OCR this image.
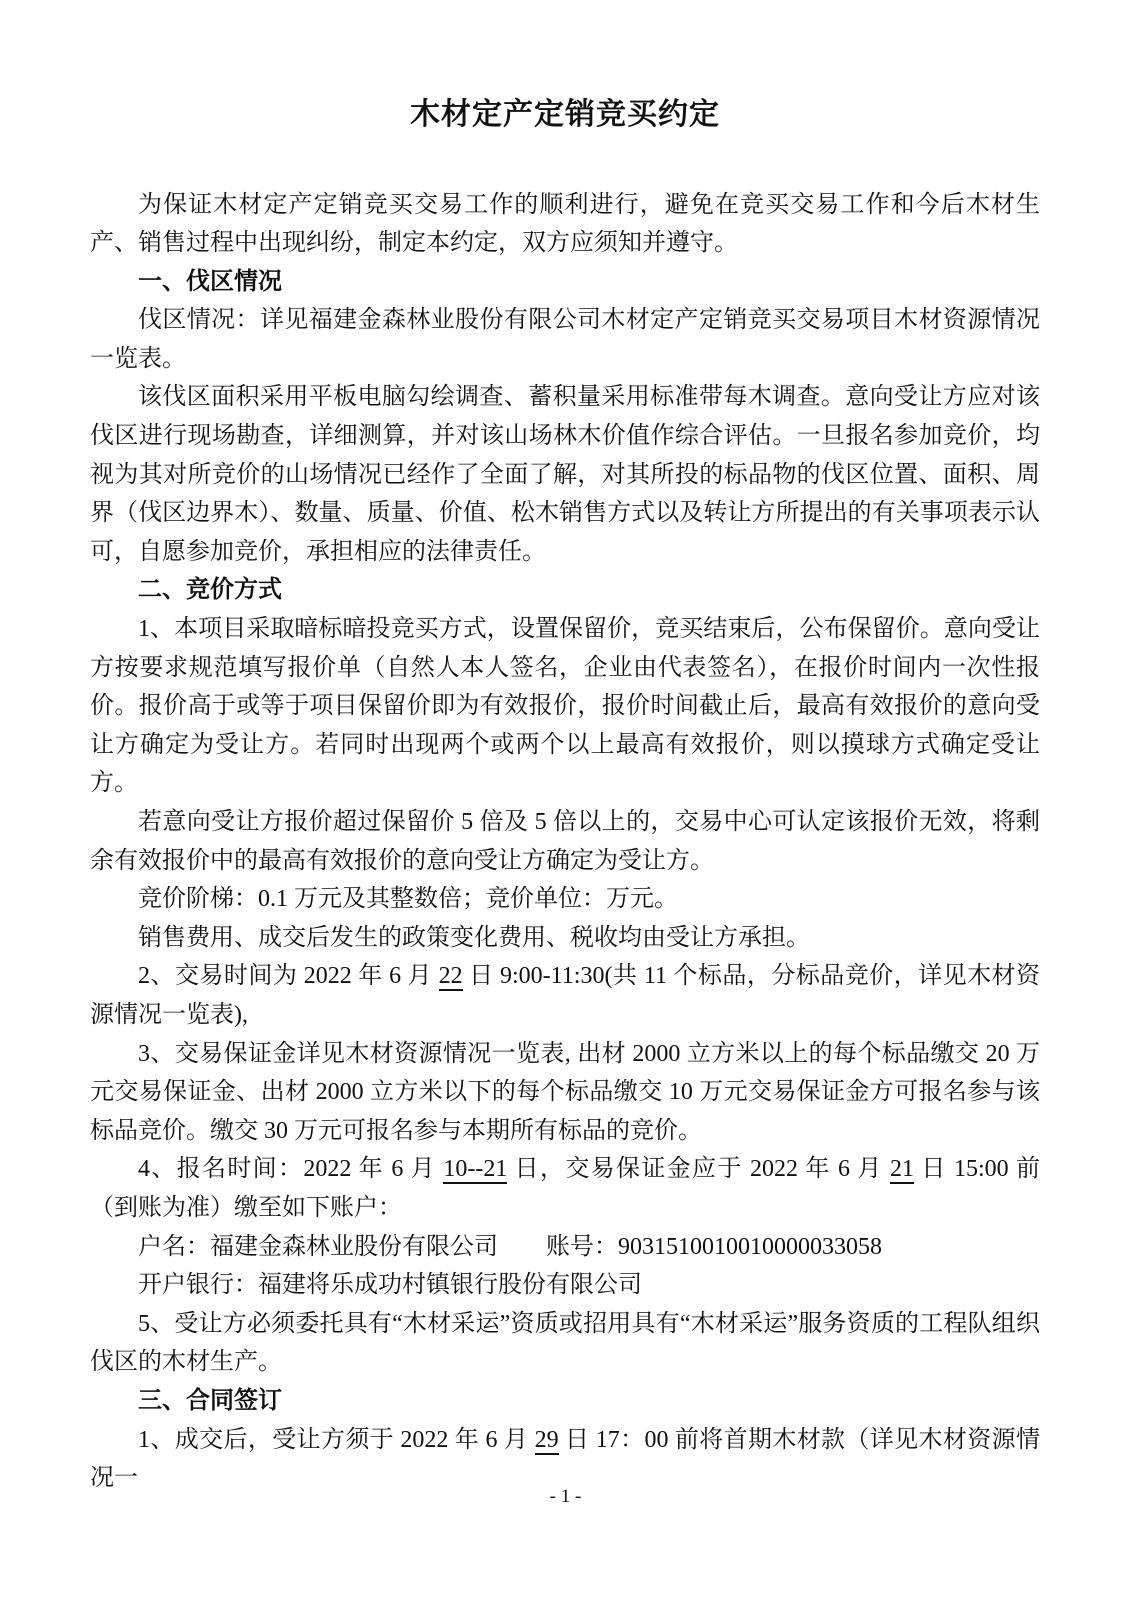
木材定产定销竞买约定

为保证木材定产定销竞买交易工作的顺利进行，避免在竞买交易工作和今后木材生产、销售过程中出现纠纷，制定本约定，双方应须知并遵守。

一、伐区情况

伐区情况：详见福建金森林业股份有限公司木材定产定销竞买交易项目木材资源情况一览表。

该伐区面积采用平板电脑勾绘调查、蓄积量采用标准带每木调查。意向受让方应对该伐区进行现场勘查，详细测算，并对该山场林木价值作综合评估。一旦报名参加竞价，均视为其对所竞价的山场情况已经作了全面了解，对其所投的标品物的伐区位置、面积、周界（伐区边界木）、数量、质量、价值、松木销售方式以及转让方所提出的有关事项表示认可，自愿参加竞价，承担相应的法律责任。

二、竞价方式

1、本项目采取暗标暗投竞买方式，设置保留价，竞买结束后，公布保留价。意向受让方按要求规范填写报价单（自然人本人签名，企业由代表签名），在报价时间内一次性报价。报价高于或等于项目保留价即为有效报价，报价时间截止后，最高有效报价的意向受让方确定为受让方。若同时出现两个或两个以上最高有效报价，则以摸球方式确定受让方。

若意向受让方报价超过保留价 5 倍及 5 倍以上的，交易中心可认定该报价无效，将剩余有效报价中的最高有效报价的意向受让方确定为受让方。

竞价阶梯：0.1 万元及其整数倍；竞价单位：万元。

销售费用、成交后发生的政策变化费用、税收均由受让方承担。

2、交易时间为 2022 年 6 月 22 日 9:00-11:30(共 11 个标品，分标品竞价，详见木材资源情况一览表),

3、交易保证金详见木材资源情况一览表, 出材 2000 立方米以上的每个标品缴交 20 万元交易保证金、出材 2000 立方米以下的每个标品缴交 10 万元交易保证金方可报名参与该标品竞价。缴交 30 万元可报名参与本期所有标品的竞价。

4、报名时间：2022 年 6 月 10--21 日，交易保证金应于 2022 年 6 月 21 日 15:00 前（到账为准）缴至如下账户：

户名：福建金森林业股份有限公司　　账号：9031510010010000033058

开户银行：福建将乐成功村镇银行股份有限公司

5、受让方必须委托具有“木材采运”资质或招用具有“木材采运”服务资质的工程队组织伐区的木材生产。

三、合同签订

1、成交后，受让方须于 2022 年 6 月 29 日 17：00 前将首期木材款（详见木材资源情况一

- 1 -
